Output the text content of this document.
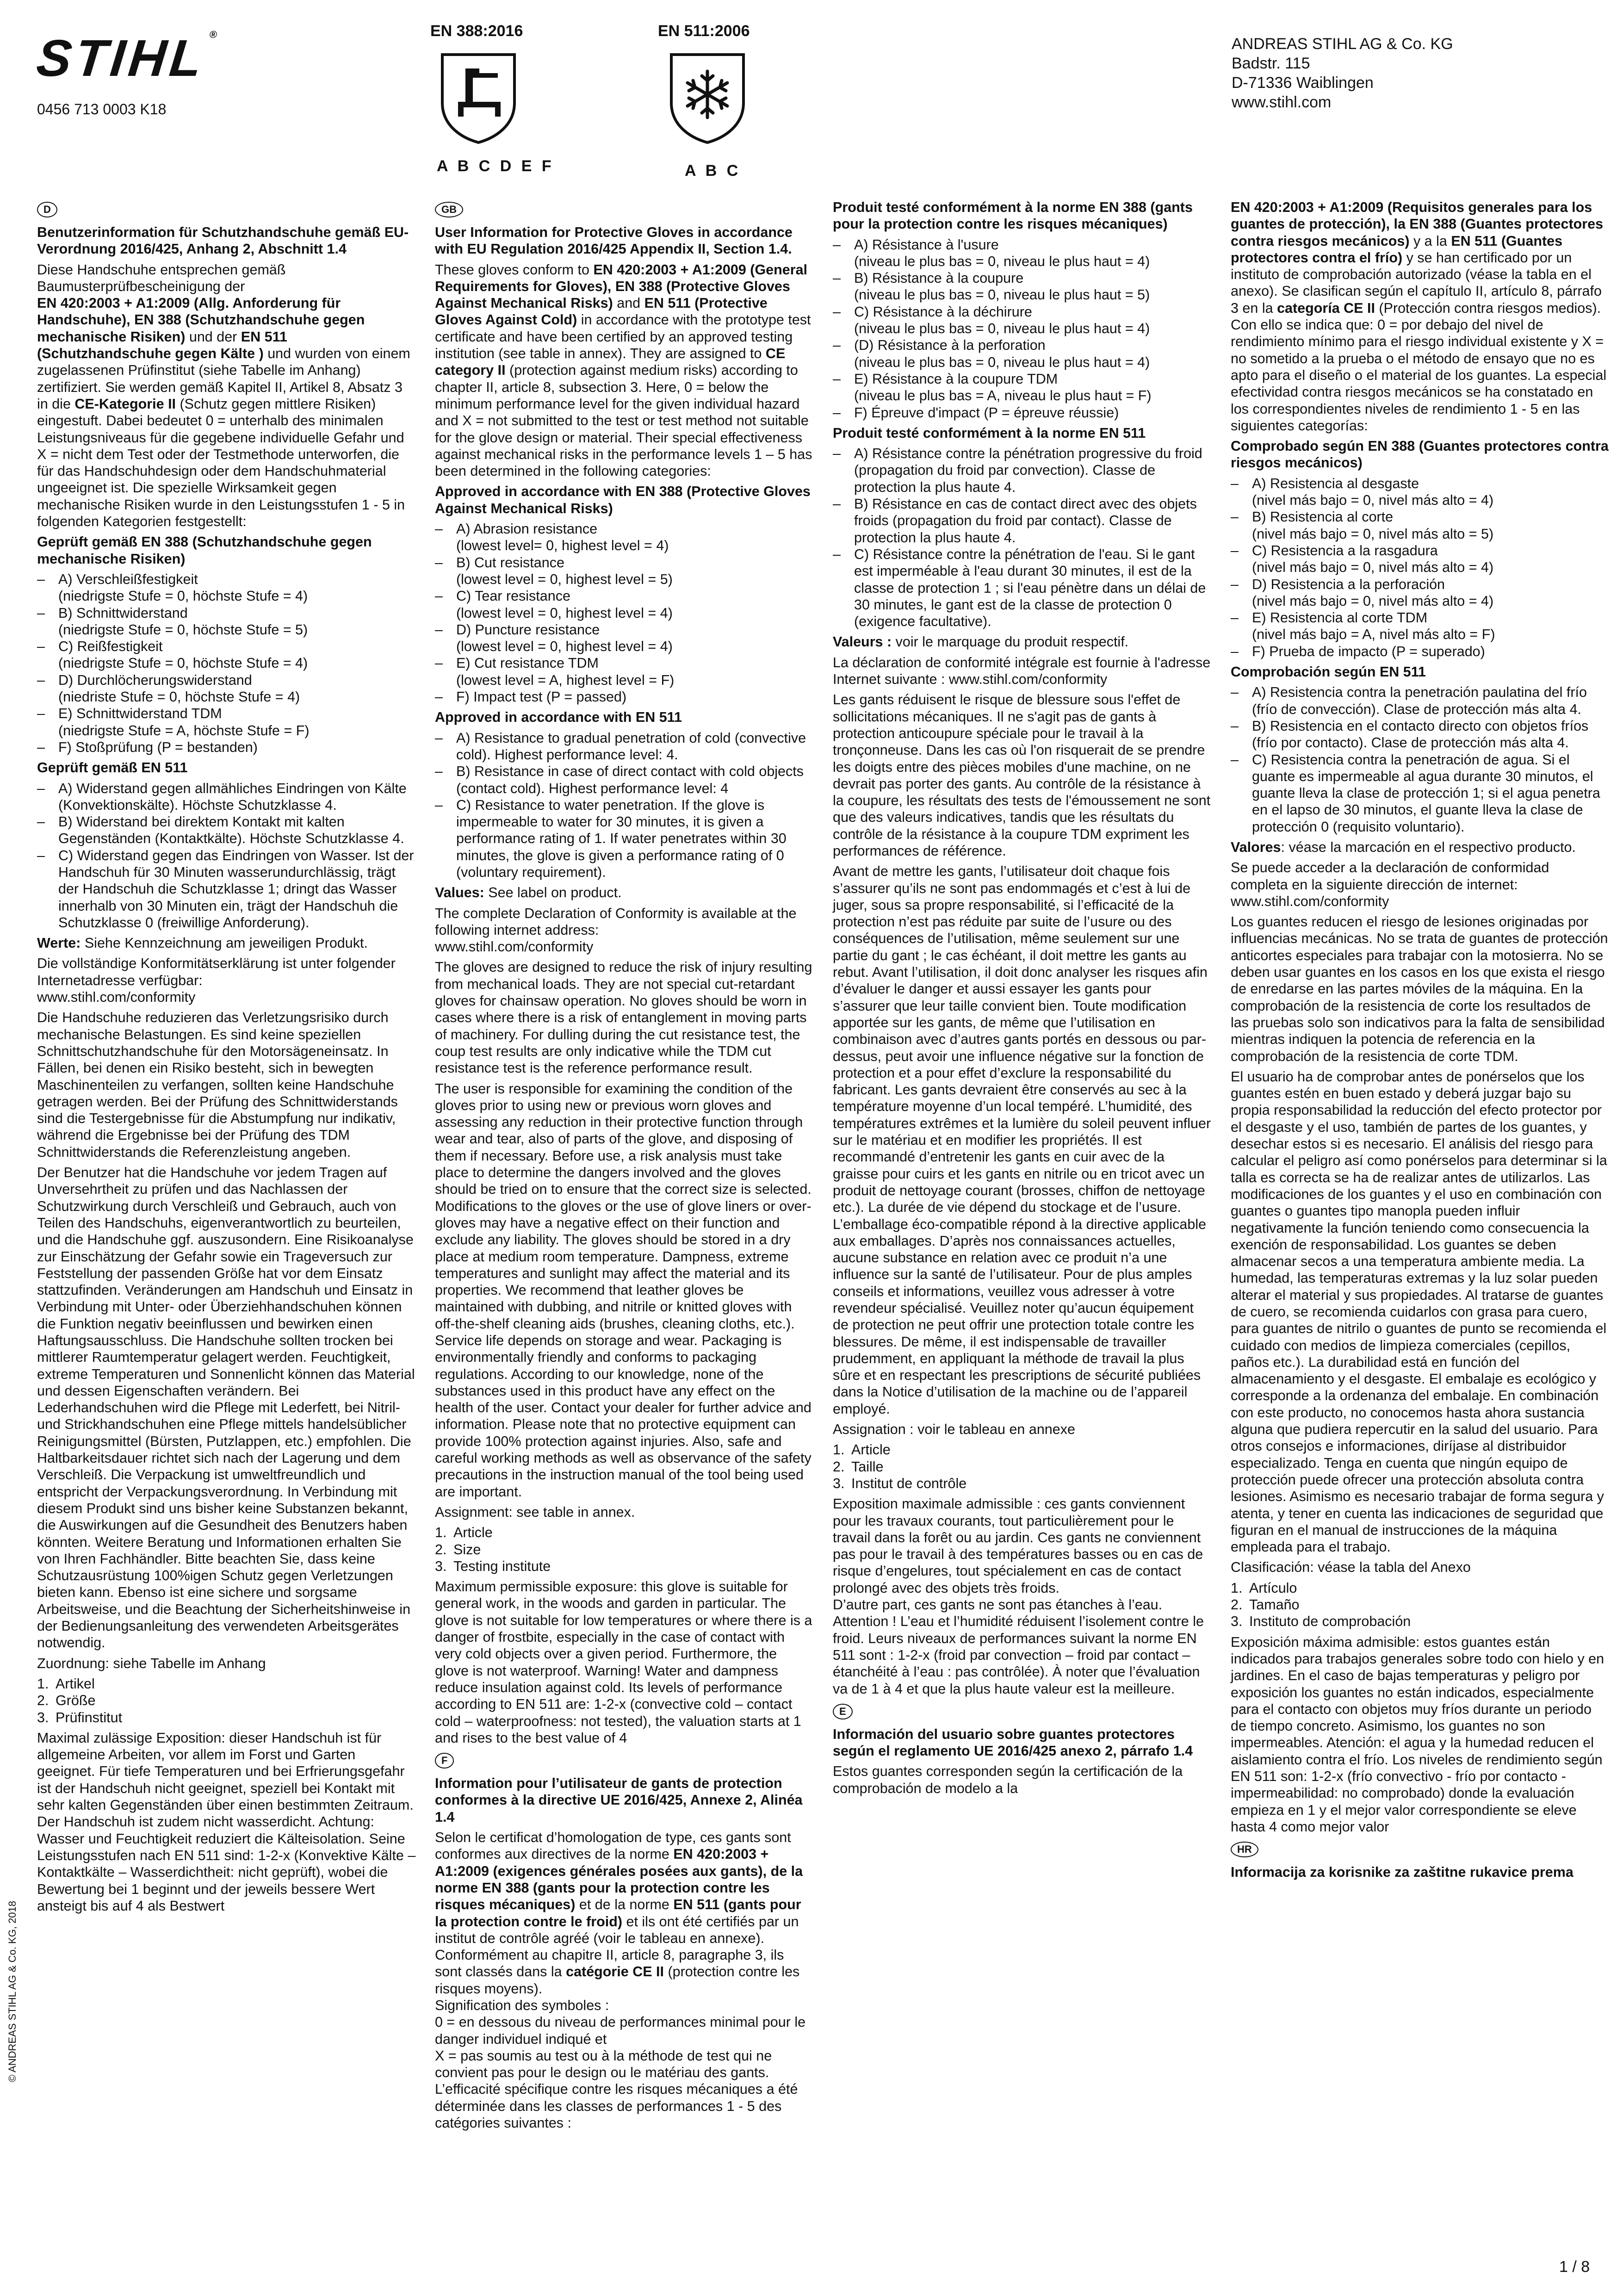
STIHL®
0456 713 0003 K18
EN 388:2016
A B C D E F
EN 511:2006
A B C
ANDREAS STIHL AG & Co. KG
Badstr. 115
D-71336 Waiblingen
www.stihl.com
D

Benutzerinformation für Schutzhandschuhe gemäß EU-Verordnung 2016/425, Anhang 2, Abschnitt 1.4

Diese Handschuhe entsprechen gemäß Baumusterprüfbescheinigung der
EN 420:2003 + A1:2009 (Allg. Anforderung für Handschuhe), EN 388 (Schutzhandschuhe gegen mechanische Risiken) und der EN 511 (Schutzhandschuhe gegen Kälte ) und wurden von einem zugelassenen Prüfinstitut (siehe Tabelle im Anhang) zertifiziert. Sie werden gemäß Kapitel II, Artikel 8, Absatz 3 in die CE-Kategorie II (Schutz gegen mittlere Risiken) eingestuft. Dabei bedeutet 0 = unterhalb des minimalen Leistungsniveaus für die gegebene individuelle Gefahr und X = nicht dem Test oder der Testmethode unterworfen, die für das Handschuhdesign oder dem Handschuhmaterial ungeeignet ist. Die spezielle Wirksamkeit gegen mechanische Risiken wurde in den Leistungsstufen 1 - 5 in folgenden Kategorien festgestellt:

Geprüft gemäß EN 388 (Schutzhandschuhe gegen mechanische Risiken)

– A) Verschleißfestigkeit
(niedrigste Stufe = 0, höchste Stufe = 4)
– B) Schnittwiderstand
(niedrigste Stufe = 0, höchste Stufe = 5)
– C) Reißfestigkeit
(niedrigste Stufe = 0, höchste Stufe = 4)
– D) Durchlöcherungswiderstand
(niedriste Stufe = 0, höchste Stufe = 4)
– E) Schnittwiderstand TDM
(niedrigste Stufe = A, höchste Stufe = F)
– F) Stoßprüfung (P = bestanden)

Geprüft gemäß EN 511

– A) Widerstand gegen allmähliches Eindringen von Kälte (Konvektionskälte). Höchste Schutzklasse 4.
– B) Widerstand bei direktem Kontakt mit kalten Gegenständen (Kontaktkälte). Höchste Schutzklasse 4.
– C) Widerstand gegen das Eindringen von Wasser. Ist der Handschuh für 30 Minuten wasserundurchlässig, trägt der Handschuh die Schutzklasse 1; dringt das Wasser innerhalb von 30 Minuten ein, trägt der Handschuh die Schutzklasse 0 (freiwillige Anforderung).

Werte: Siehe Kennzeichnung am jeweiligen Produkt.

Die vollständige Konformitätserklärung ist unter folgender Internetadresse verfügbar:
www.stihl.com/conformity

Die Handschuhe reduzieren das Verletzungsrisiko durch mechanische Belastungen. Es sind keine speziellen Schnittschutzhandschuhe für den Motorsägeneinsatz. In Fällen, bei denen ein Risiko besteht, sich in bewegten Maschinenteilen zu verfangen, sollten keine Handschuhe getragen werden. Bei der Prüfung des Schnittwiderstands sind die Testergebnisse für die Abstumpfung nur indikativ, während die Ergebnisse bei der Prüfung des TDM Schnittwiderstands die Referenzleistung angeben.

Der Benutzer hat die Handschuhe vor jedem Tragen auf Unversehrtheit zu prüfen und das Nachlassen der Schutzwirkung durch Verschleiß und Gebrauch, auch von Teilen des Handschuhs, eigenverantwortlich zu beurteilen, und die Handschuhe ggf. auszusondern. Eine Risikoanalyse zur Einschätzung der Gefahr sowie ein Trageversuch zur Feststellung der passenden Größe hat vor dem Einsatz stattzufinden. Veränderungen am Handschuh und Einsatz in Verbindung mit Unter- oder Überziehhandschuhen können die Funktion negativ beeinflussen und bewirken einen Haftungsausschluss. Die Handschuhe sollten trocken bei mittlerer Raumtemperatur gelagert werden. Feuchtigkeit, extreme Temperaturen und Sonnenlicht können das Material und dessen Eigenschaften verändern. Bei Lederhandschuhen wird die Pflege mit Lederfett, bei Nitril- und Strickhandschuhen eine Pflege mittels handelsüblicher Reinigungsmittel (Bürsten, Putzlappen, etc.) empfohlen. Die Haltbarkeitsdauer richtet sich nach der Lagerung und dem Verschleiß. Die Verpackung ist umweltfreundlich und entspricht der Verpackungsverordnung. In Verbindung mit diesem Produkt sind uns bisher keine Substanzen bekannt, die Auswirkungen auf die Gesundheit des Benutzers haben könnten. Weitere Beratung und Informationen erhalten Sie von Ihren Fachhändler. Bitte beachten Sie, dass keine Schutzausrüstung 100%igen Schutz gegen Verletzungen bieten kann. Ebenso ist eine sichere und sorgsame Arbeitsweise, und die Beachtung der Sicherheitshinweise in der Bedienungsanleitung des verwendeten Arbeitsgerätes notwendig.

Zuordnung: siehe Tabelle im Anhang

1. Artikel
2. Größe
3. Prüfinstitut

Maximal zulässige Exposition: dieser Handschuh ist für allgemeine Arbeiten, vor allem im Forst und Garten geeignet. Für tiefe Temperaturen und bei Erfrierungsgefahr ist der Handschuh nicht geeignet, speziell bei Kontakt mit sehr kalten Gegenständen über einen bestimmten Zeitraum. Der Handschuh ist zudem nicht wasserdicht. Achtung: Wasser und Feuchtigkeit reduziert die Kälteisolation. Seine Leistungsstufen nach EN 511 sind: 1-2-x (Konvektive Kälte – Kontaktkälte – Wasserdichtheit: nicht geprüft), wobei die Bewertung bei 1 beginnt und der jeweils bessere Wert ansteigt bis auf 4 als Bestwert

GB

User Information for Protective Gloves in accordance with EU Regulation 2016/425 Appendix II, Section 1.4.

These gloves conform to EN 420:2003 + A1:2009 (General Requirements for Gloves), EN 388 (Protective Gloves Against Mechanical Risks) and EN 511 (Protective Gloves Against Cold) in accordance with the prototype test certificate and have been certified by an approved testing institution (see table in annex). They are assigned to CE category II (protection against medium risks) according to chapter II, article 8, subsection 3. Here, 0 = below the minimum performance level for the given individual hazard and X = not submitted to the test or test method not suitable for the glove design or material. Their special effectiveness against mechanical risks in the performance levels 1 – 5 has been determined in the following categories:

Approved in accordance with EN 388 (Protective Gloves Against Mechanical Risks)

– A) Abrasion resistance
(lowest level= 0, highest level = 4)
– B) Cut resistance
(lowest level = 0, highest level = 5)
– C) Tear resistance
(lowest level = 0, highest level = 4)
– D) Puncture resistance
(lowest level = 0, highest level = 4)
– E) Cut resistance TDM
(lowest level = A, highest level = F)
– F) Impact test (P = passed)

Approved in accordance with EN 511

– A) Resistance to gradual penetration of cold (convective cold). Highest performance level: 4.
– B) Resistance in case of direct contact with cold objects (contact cold). Highest performance level: 4
– C) Resistance to water penetration. If the glove is impermeable to water for 30 minutes, it is given a performance rating of 1. If water penetrates within 30 minutes, the glove is given a performance rating of 0 (voluntary requirement).

Values: See label on product.

The complete Declaration of Conformity is available at the following internet address:
www.stihl.com/conformity

The gloves are designed to reduce the risk of injury resulting from mechanical loads. They are not special cut-retardant gloves for chainsaw operation. No gloves should be worn in cases where there is a risk of entanglement in moving parts of machinery. For dulling during the cut resistance test, the coup test results are only indicative while the TDM cut resistance test is the reference performance result.

The user is responsible for examining the condition of the gloves prior to using new or previous worn gloves and assessing any reduction in their protective function through wear and tear, also of parts of the glove, and disposing of them if necessary. Before use, a risk analysis must take place to determine the dangers involved and the gloves should be tried on to ensure that the correct size is selected. Modifications to the gloves or the use of glove liners or over-gloves may have a negative effect on their function and exclude any liability. The gloves should be stored in a dry place at medium room temperature. Dampness, extreme temperatures and sunlight may affect the material and its properties. We recommend that leather gloves be maintained with dubbing, and nitrile or knitted gloves with off-the-shelf cleaning aids (brushes, cleaning cloths, etc.). Service life depends on storage and wear. Packaging is environmentally friendly and conforms to packaging regulations. According to our knowledge, none of the substances used in this product have any effect on the health of the user. Contact your dealer for further advice and information. Please note that no protective equipment can provide 100% protection against injuries. Also, safe and careful working methods as well as observance of the safety precautions in the instruction manual of the tool being used are important.

Assignment: see table in annex.

1. Article
2. Size
3. Testing institute

Maximum permissible exposure: this glove is suitable for general work, in the woods and garden in particular. The glove is not suitable for low temperatures or where there is a danger of frostbite, especially in the case of contact with very cold objects over a given period. Furthermore, the glove is not waterproof. Warning! Water and dampness reduce insulation against cold. Its levels of performance according to EN 511 are: 1-2-x (convective cold – contact cold – waterproofness: not tested), the valuation starts at 1 and rises to the best value of 4

F

Information pour l’utilisateur de gants de protection conformes à la directive UE 2016/425, Annexe 2, Alinéa 1.4

Selon le certificat d’homologation de type, ces gants sont conformes aux directives de la norme EN 420:2003 + A1:2009 (exigences générales posées aux gants), de la norme EN 388 (gants pour la protection contre les risques mécaniques) et de la norme EN 511 (gants pour la protection contre le froid) et ils ont été certifiés par un institut de contrôle agréé (voir le tableau en annexe). Conformément au chapitre II, article 8, paragraphe 3, ils sont classés dans la catégorie CE II (protection contre les risques moyens).
Signification des symboles :
0 = en dessous du niveau de performances minimal pour le danger individuel indiqué et
X = pas soumis au test ou à la méthode de test qui ne convient pas pour le design ou le matériau des gants. L’efficacité spécifique contre les risques mécaniques a été déterminée dans les classes de performances 1 - 5 des catégories suivantes :

Produit testé conformément à la norme EN 388 (gants pour la protection contre les risques mécaniques)

– A) Résistance à l'usure
(niveau le plus bas = 0, niveau le plus haut = 4)
– B) Résistance à la coupure
(niveau le plus bas = 0, niveau le plus haut = 5)
– C) Résistance à la déchirure
(niveau le plus bas = 0, niveau le plus haut = 4)
– (D) Résistance à la perforation
(niveau le plus bas = 0, niveau le plus haut = 4)
– E) Résistance à la coupure TDM
(niveau le plus bas = A, niveau le plus haut = F)
– F) Épreuve d'impact (P = épreuve réussie)

Produit testé conformément à la norme EN 511

– A) Résistance contre la pénétration progressive du froid (propagation du froid par convection). Classe de protection la plus haute 4.
– B) Résistance en cas de contact direct avec des objets froids (propagation du froid par contact). Classe de protection la plus haute 4.
– C) Résistance contre la pénétration de l'eau. Si le gant est imperméable à l'eau durant 30 minutes, il est de la classe de protection 1 ; si l'eau pénètre dans un délai de 30 minutes, le gant est de la classe de protection 0 (exigence facultative).

Valeurs : voir le marquage du produit respectif.

La déclaration de conformité intégrale est fournie à l'adresse Internet suivante : www.stihl.com/conformity

Les gants réduisent le risque de blessure sous l'effet de sollicitations mécaniques. Il ne s'agit pas de gants à protection anticoupure spéciale pour le travail à la tronçonneuse. Dans les cas où l'on risquerait de se prendre les doigts entre des pièces mobiles d'une machine, on ne devrait pas porter des gants. Au contrôle de la résistance à la coupure, les résultats des tests de l'émoussement ne sont que des valeurs indicatives, tandis que les résultats du contrôle de la résistance à la coupure TDM expriment les performances de référence.

Avant de mettre les gants, l’utilisateur doit chaque fois s’assurer qu’ils ne sont pas endommagés et c’est à lui de juger, sous sa propre responsabilité, si l’efficacité de la protection n’est pas réduite par suite de l’usure ou des conséquences de l’utilisation, même seulement sur une partie du gant ; le cas échéant, il doit mettre les gants au rebut. Avant l’utilisation, il doit donc analyser les risques afin d’évaluer le danger et aussi essayer les gants pour s’assurer que leur taille convient bien. Toute modification apportée sur les gants, de même que l’utilisation en combinaison avec d’autres gants portés en dessous ou par-dessus, peut avoir une influence négative sur la fonction de protection et a pour effet d’exclure la responsabilité du fabricant. Les gants devraient être conservés au sec à la température moyenne d’un local tempéré. L’humidité, des températures extrêmes et la lumière du soleil peuvent influer sur le matériau et en modifier les propriétés. Il est recommandé d’entretenir les gants en cuir avec de la graisse pour cuirs et les gants en nitrile ou en tricot avec un produit de nettoyage courant (brosses, chiffon de nettoyage etc.). La durée de vie dépend du stockage et de l’usure. L’emballage éco-compatible répond à la directive applicable aux emballages. D’après nos connaissances actuelles, aucune substance en relation avec ce produit n’a une influence sur la santé de l’utilisateur. Pour de plus amples conseils et informations, veuillez vous adresser à votre revendeur spécialisé. Veuillez noter qu’aucun équipement de protection ne peut offrir une protection totale contre les blessures. De même, il est indispensable de travailler prudemment, en appliquant la méthode de travail la plus sûre et en respectant les prescriptions de sécurité publiées dans la Notice d’utilisation de la machine ou de l’appareil employé.

Assignation : voir le tableau en annexe

1. Article
2. Taille
3. Institut de contrôle

Exposition maximale admissible : ces gants conviennent pour les travaux courants, tout particulièrement pour le travail dans la forêt ou au jardin. Ces gants ne conviennent pas pour le travail à des températures basses ou en cas de risque d’engelures, tout spécialement en cas de contact prolongé avec des objets très froids.
D’autre part, ces gants ne sont pas étanches à l’eau. Attention ! L’eau et l’humidité réduisent l’isolement contre le froid. Leurs niveaux de performances suivant la norme EN 511 sont : 1-2-x (froid par convection – froid par contact – étanchéité à l’eau : pas contrôlée). À noter que l’évaluation va de 1 à 4 et que la plus haute valeur est la meilleure.

E

Información del usuario sobre guantes protectores según el reglamento UE 2016/425 anexo 2, párrafo 1.4

Estos guantes corresponden según la certificación de la comprobación de modelo a la

EN 420:2003 + A1:2009 (Requisitos generales para los guantes de protección), la EN 388 (Guantes protectores contra riesgos mecánicos) y a la EN 511 (Guantes protectores contra el frío) y se han certificado por un instituto de comprobación autorizado (véase la tabla en el anexo). Se clasifican según el capítulo II, artículo 8, párrafo 3 en la categoría CE II (Protección contra riesgos medios). Con ello se indica que: 0 = por debajo del nivel de rendimiento mínimo para el riesgo individual existente y X = no sometido a la prueba o el método de ensayo que no es apto para el diseño o el material de los guantes. La especial efectividad contra riesgos mecánicos se ha constatado en los correspondientes niveles de rendimiento 1 - 5 en las siguientes categorías:

Comprobado según EN 388 (Guantes protectores contra riesgos mecánicos)

– A) Resistencia al desgaste
(nivel más bajo = 0, nivel más alto = 4)
– B) Resistencia al corte
(nivel más bajo = 0, nivel más alto = 5)
– C) Resistencia a la rasgadura
(nivel más bajo = 0, nivel más alto = 4)
– D) Resistencia a la perforación
(nivel más bajo = 0, nivel más alto = 4)
– E) Resistencia al corte TDM
(nivel más bajo = A, nivel más alto = F)
– F) Prueba de impacto (P = superado)

Comprobación según EN 511

– A) Resistencia contra la penetración paulatina del frío (frío de convección). Clase de protección más alta 4.
– B) Resistencia en el contacto directo con objetos fríos (frío por contacto). Clase de protección más alta 4.
– C) Resistencia contra la penetración de agua. Si el guante es impermeable al agua durante 30 minutos, el guante lleva la clase de protección 1; si el agua penetra en el lapso de 30 minutos, el guante lleva la clase de protección 0 (requisito voluntario).

Valores: véase la marcación en el respectivo producto.

Se puede acceder a la declaración de conformidad completa en la siguiente dirección de internet:
www.stihl.com/conformity

Los guantes reducen el riesgo de lesiones originadas por influencias mecánicas. No se trata de guantes de protección anticortes especiales para trabajar con la motosierra. No se deben usar guantes en los casos en los que exista el riesgo de enredarse en las partes móviles de la máquina. En la comprobación de la resistencia de corte los resultados de las pruebas solo son indicativos para la falta de sensibilidad mientras indiquen la potencia de referencia en la comprobación de la resistencia de corte TDM.

El usuario ha de comprobar antes de ponérselos que los guantes estén en buen estado y deberá juzgar bajo su propia responsabilidad la reducción del efecto protector por el desgaste y el uso, también de partes de los guantes, y desechar estos si es necesario. El análisis del riesgo para calcular el peligro así como ponérselos para determinar si la talla es correcta se ha de realizar antes de utilizarlos. Las modificaciones de los guantes y el uso en combinación con guantes o guantes tipo manopla pueden influir negativamente la función teniendo como consecuencia la exención de responsabilidad. Los guantes se deben almacenar secos a una temperatura ambiente media. La humedad, las temperaturas extremas y la luz solar pueden alterar el material y sus propiedades. Al tratarse de guantes de cuero, se recomienda cuidarlos con grasa para cuero, para guantes de nitrilo o guantes de punto se recomienda el cuidado con medios de limpieza comerciales (cepillos, paños etc.). La durabilidad está en función del almacenamiento y el desgaste. El embalaje es ecológico y corresponde a la ordenanza del embalaje. En combinación con este producto, no conocemos hasta ahora sustancia alguna que pudiera repercutir en la salud del usuario. Para otros consejos e informaciones, diríjase al distribuidor especializado. Tenga en cuenta que ningún equipo de protección puede ofrecer una protección absoluta contra lesiones. Asimismo es necesario trabajar de forma segura y atenta, y tener en cuenta las indicaciones de seguridad que figuran en el manual de instrucciones de la máquina empleada para el trabajo.

Clasificación: véase la tabla del Anexo

1. Artículo
2. Tamaño
3. Instituto de comprobación

Exposición máxima admisible: estos guantes están indicados para trabajos generales sobre todo con hielo y en jardines. En el caso de bajas temperaturas y peligro por exposición los guantes no están indicados, especialmente para el contacto con objetos muy fríos durante un periodo de tiempo concreto. Asimismo, los guantes no son impermeables. Atención: el agua y la humedad reducen el aislamiento contra el frío. Los niveles de rendimiento según EN 511 son: 1-2-x (frío convectivo - frío por contacto - impermeabilidad: no comprobado) donde la evaluación empieza en 1 y el mejor valor correspondiente se eleve hasta 4 como mejor valor

HR

Informacija za korisnike za zaštitne rukavice prema

© ANDREAS STIHL AG & Co. KG, 2018
1 / 8
